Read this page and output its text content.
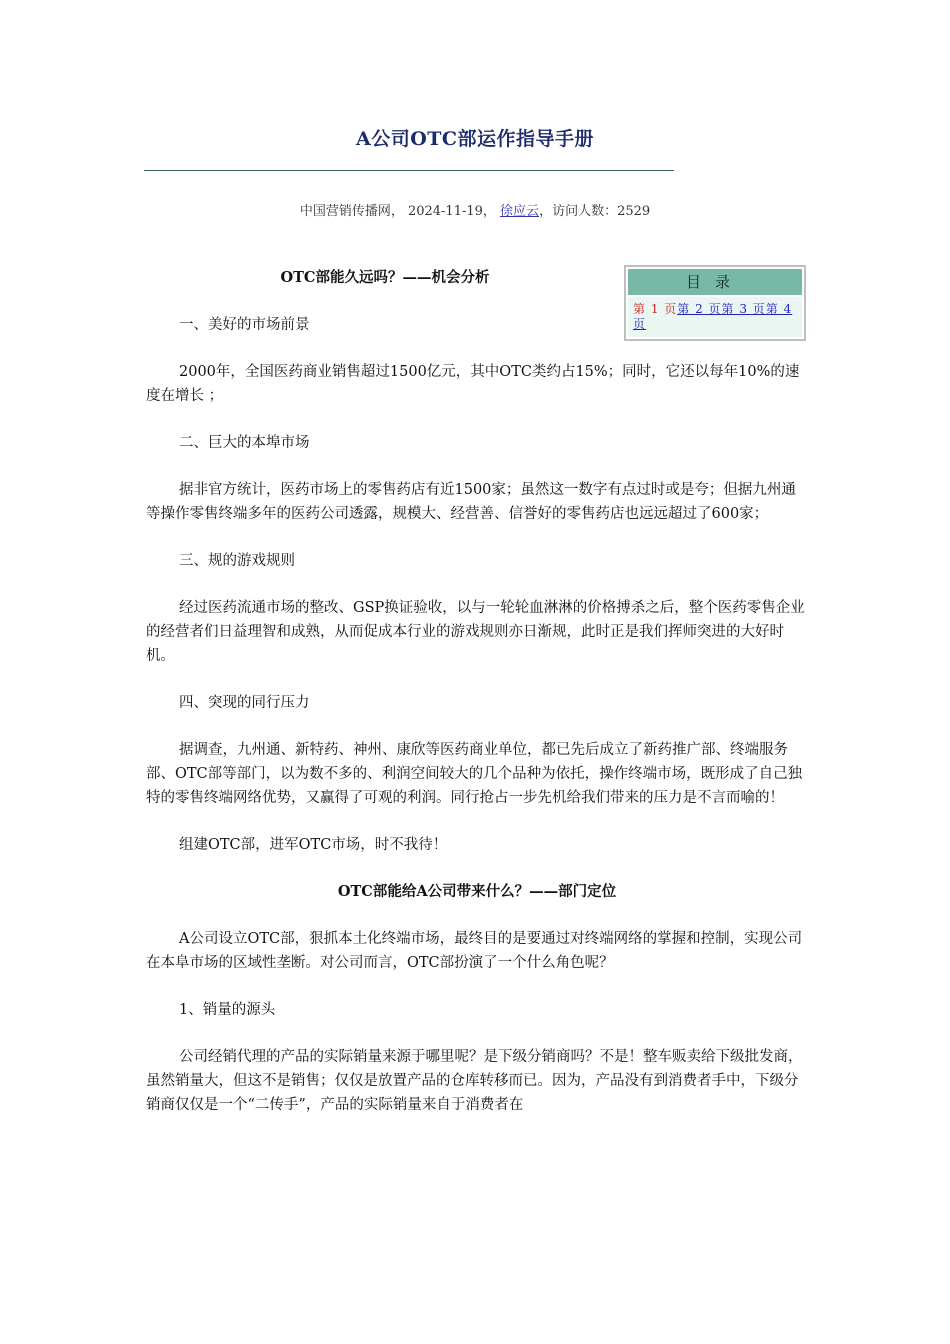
A公司OTC部运作指导手册
中国营销传播网， 2024-11-19， 徐应云，访问人数：2529
目录
第 1 页第 2 页第 3 页第 4 页

OTC部能久远吗？——机会分析

一、美好的市场前景

2000年，全国医药商业销售超过1500亿元，其中OTC类约占15%；同时，它还以每年10%的速度在增长 ；

二、巨大的本埠市场

据非官方统计，医药市场上的零售药店有近1500家；虽然这一数字有点过时或是夸；但据九州通等操作零售终端多年的医药公司透露，规模大、经营善、信誉好的零售药店也远远超过了600家；

三、规的游戏规则

经过医药流通市场的整改、GSP换证验收，以与一轮轮血淋淋的价格搏杀之后，整个医药零售企业的经营者们日益理智和成熟，从而促成本行业的游戏规则亦日渐规，此时正是我们挥师突进的大好时机。

四、突现的同行压力

据调查，九州通、新特药、神州、康欣等医药商业单位，都已先后成立了新药推广部、终端服务部、OTC部等部门，以为数不多的、利润空间较大的几个品种为依托，操作终端市场，既形成了自己独特的零售终端网络优势，又赢得了可观的利润。同行抢占一步先机给我们带来的压力是不言而喻的！

组建OTC部，进军OTC市场，时不我待！

OTC部能给A公司带来什么？——部门定位

A公司设立OTC部，狠抓本土化终端市场，最终目的是要通过对终端网络的掌握和控制，实现公司在本阜市场的区域性垄断。对公司而言，OTC部扮演了一个什么角色呢？

1、销量的源头

公司经销代理的产品的实际销量来源于哪里呢？是下级分销商吗？不是！整车贩卖给下级批发商，虽然销量大，但这不是销售；仅仅是放置产品的仓库转移而已。因为，产品没有到消费者手中，下级分销商仅仅是一个“二传手”，产品的实际销量来自于消费者在
